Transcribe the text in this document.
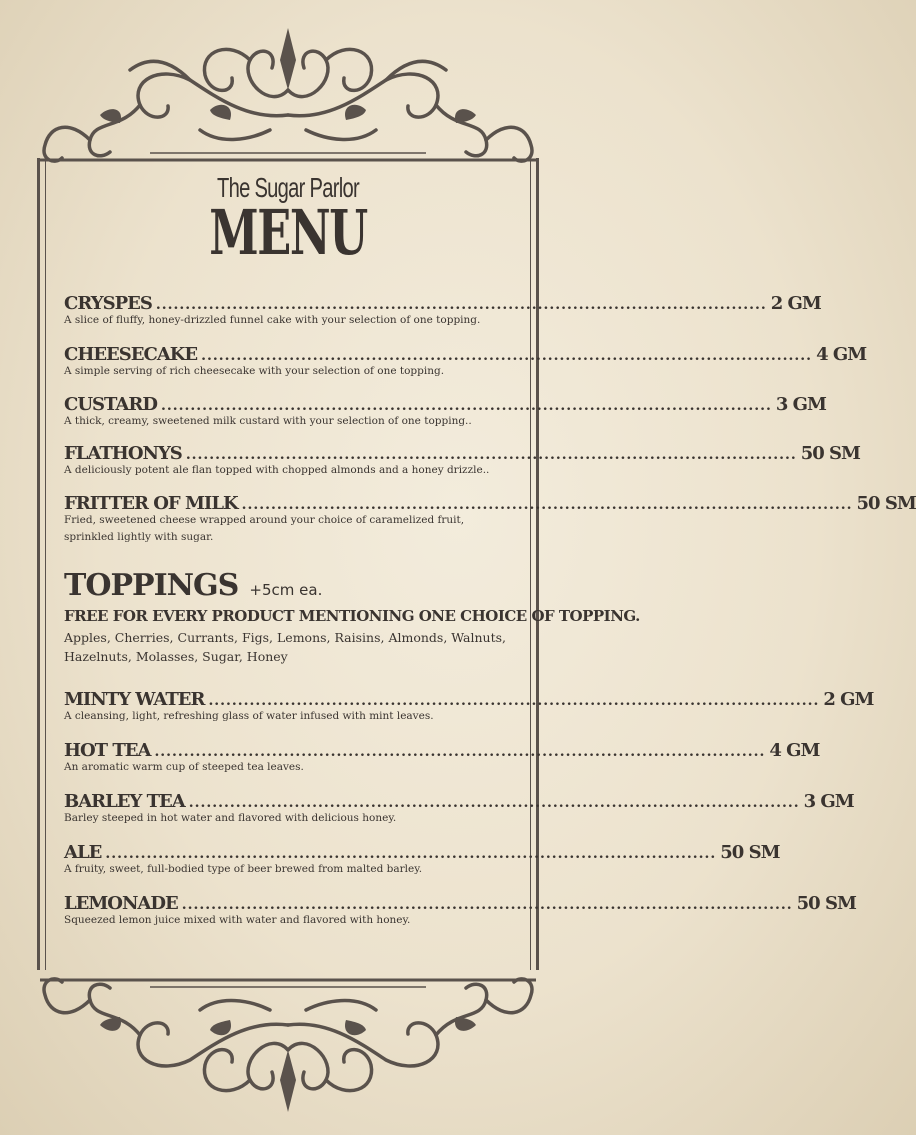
The Sugar Parlor
MENU
CRYSPES .....	2 GM
A slice of fluffy, honey-drizzled funnel cake with your selection of one topping.
CHEESECAKE .....	4 GM
A simple serving of rich cheesecake with your selection of one topping.
CUSTARD .....	3 GM
A thick, creamy, sweetened milk custard with your selection of one topping..
FLATHONYS .....	50 SM
A deliciously potent ale flan topped with chopped almonds and a honey drizzle..
FRITTER OF MILK .....	50 SM
Fried, sweetened cheese wrapped around your choice of caramelized fruit,
sprinkled lightly with sugar.
TOPPINGS +5cm ea.
FREE FOR EVERY PRODUCT MENTIONING ONE CHOICE OF TOPPING.
Apples, Cherries, Currants, Figs, Lemons, Raisins, Almonds, Walnuts,
Hazelnuts, Molasses, Sugar, Honey
MINTY WATER .....	2 GM
A cleansing, light, refreshing glass of water infused with mint leaves.
HOT TEA .....	4 GM
An aromatic warm cup of steeped tea leaves.
BARLEY TEA .....	3 GM
Barley steeped in hot water and flavored with delicious honey.
ALE .....	50 SM
A fruity, sweet, full-bodied type of beer brewed from malted barley.
LEMONADE .....	50 SM
Squeezed lemon juice mixed with water and flavored with honey.
